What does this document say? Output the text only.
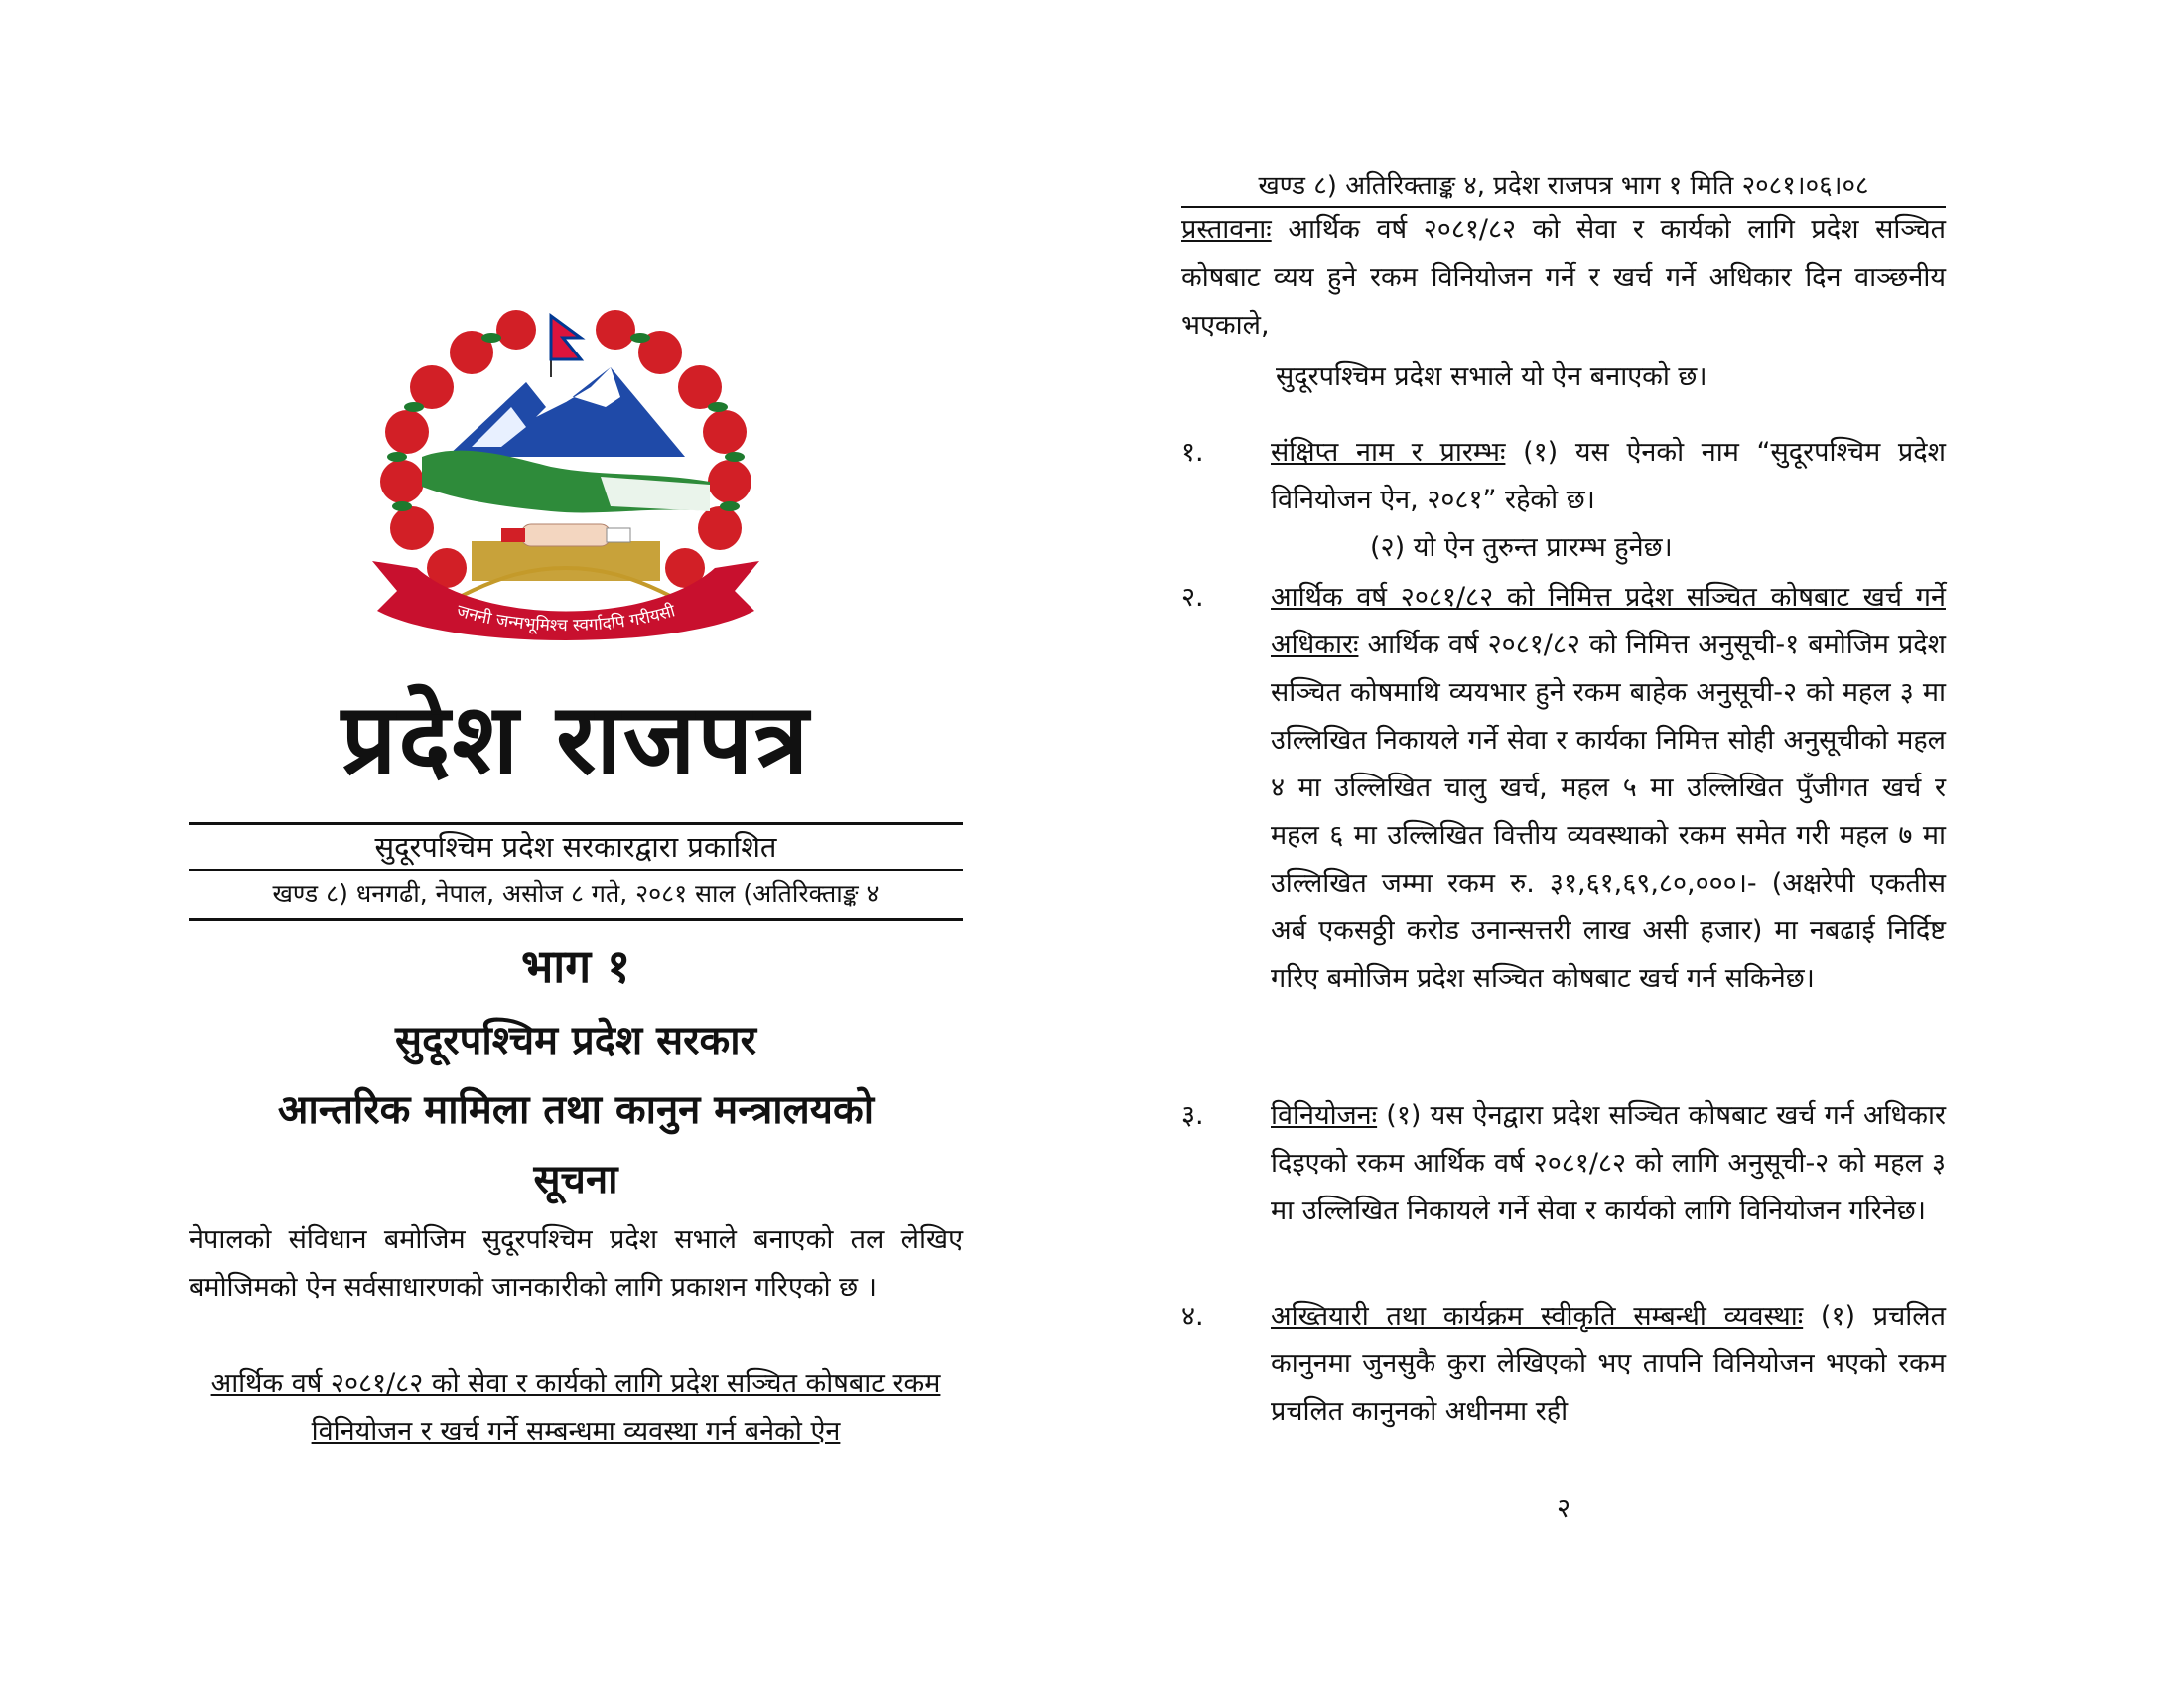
जननी जन्मभूमिश्च स्वर्गादपि गरीयसी
प्रदेश राजपत्र
सुदूरपश्चिम प्रदेश सरकारद्वारा प्रकाशित
खण्ड ८) धनगढी, नेपाल, असोज ८ गते, २०८१ साल (अतिरिक्ताङ्क ४
भाग १
सुदूरपश्चिम प्रदेश सरकार
आन्तरिक मामिला तथा कानुन मन्त्रालयको
सूचना
नेपालको संविधान बमोजिम सुदूरपश्चिम प्रदेश सभाले बनाएको तल लेखिए बमोजिमको ऐन सर्वसाधारणको जानकारीको लागि प्रकाशन गरिएको छ ।
आर्थिक वर्ष २०८१/८२ को सेवा र कार्यको लागि प्रदेश सञ्चित कोषबाट रकम विनियोजन र खर्च गर्ने सम्बन्धमा व्यवस्था गर्न बनेको ऐन
खण्ड ८) अतिरिक्ताङ्क ४, प्रदेश राजपत्र भाग १ मिति २०८१।०६।०८
प्रस्तावनाः आर्थिक वर्ष २०८१/८२ को सेवा र कार्यको लागि प्रदेश सञ्चित कोषबाट व्यय हुने रकम विनियोजन गर्ने र खर्च गर्ने अधिकार दिन वाञ्छनीय भएकाले,
सुदूरपश्चिम प्रदेश सभाले यो ऐन बनाएको छ।
१.	संक्षिप्त नाम र प्रारम्भः (१) यस ऐनको नाम “सुदूरपश्चिम प्रदेश विनियोजन ऐन, २०८१” रहेको छ।
(२) यो ऐन तुरुन्त प्रारम्भ हुनेछ।
२.	आर्थिक वर्ष २०८१/८२ को निमित्त प्रदेश सञ्चित कोषबाट खर्च गर्ने अधिकारः आर्थिक वर्ष २०८१/८२ को निमित्त अनुसूची-१ बमोजिम प्रदेश सञ्चित कोषमाथि व्ययभार हुने रकम बाहेक अनुसूची-२ को महल ३ मा उल्लिखित निकायले गर्ने सेवा र कार्यका निमित्त सोही अनुसूचीको महल ४ मा उल्लिखित चालु खर्च, महल ५ मा उल्लिखित पुँजीगत खर्च र महल ६ मा उल्लिखित वित्तीय व्यवस्थाको रकम समेत गरी महल ७ मा उल्लिखित जम्मा रकम रु. ३१,६१,६९,८०,०००।- (अक्षरेपी एकतीस अर्ब एकसठ्ठी करोड उनान्सत्तरी लाख असी हजार) मा नबढाई निर्दिष्ट गरिए बमोजिम प्रदेश सञ्चित कोषबाट खर्च गर्न सकिनेछ।
३.	विनियोजनः (१) यस ऐनद्वारा प्रदेश सञ्चित कोषबाट खर्च गर्न अधिकार दिइएको रकम आर्थिक वर्ष २०८१/८२ को लागि अनुसूची-२ को महल ३ मा उल्लिखित निकायले गर्ने सेवा र कार्यको लागि विनियोजन गरिनेछ।
४.	अख्तियारी तथा कार्यक्रम स्वीकृति सम्बन्धी व्यवस्थाः (१) प्रचलित कानुनमा जुनसुकै कुरा लेखिएको भए तापनि विनियोजन भएको रकम प्रचलित कानुनको अधीनमा रही
२
